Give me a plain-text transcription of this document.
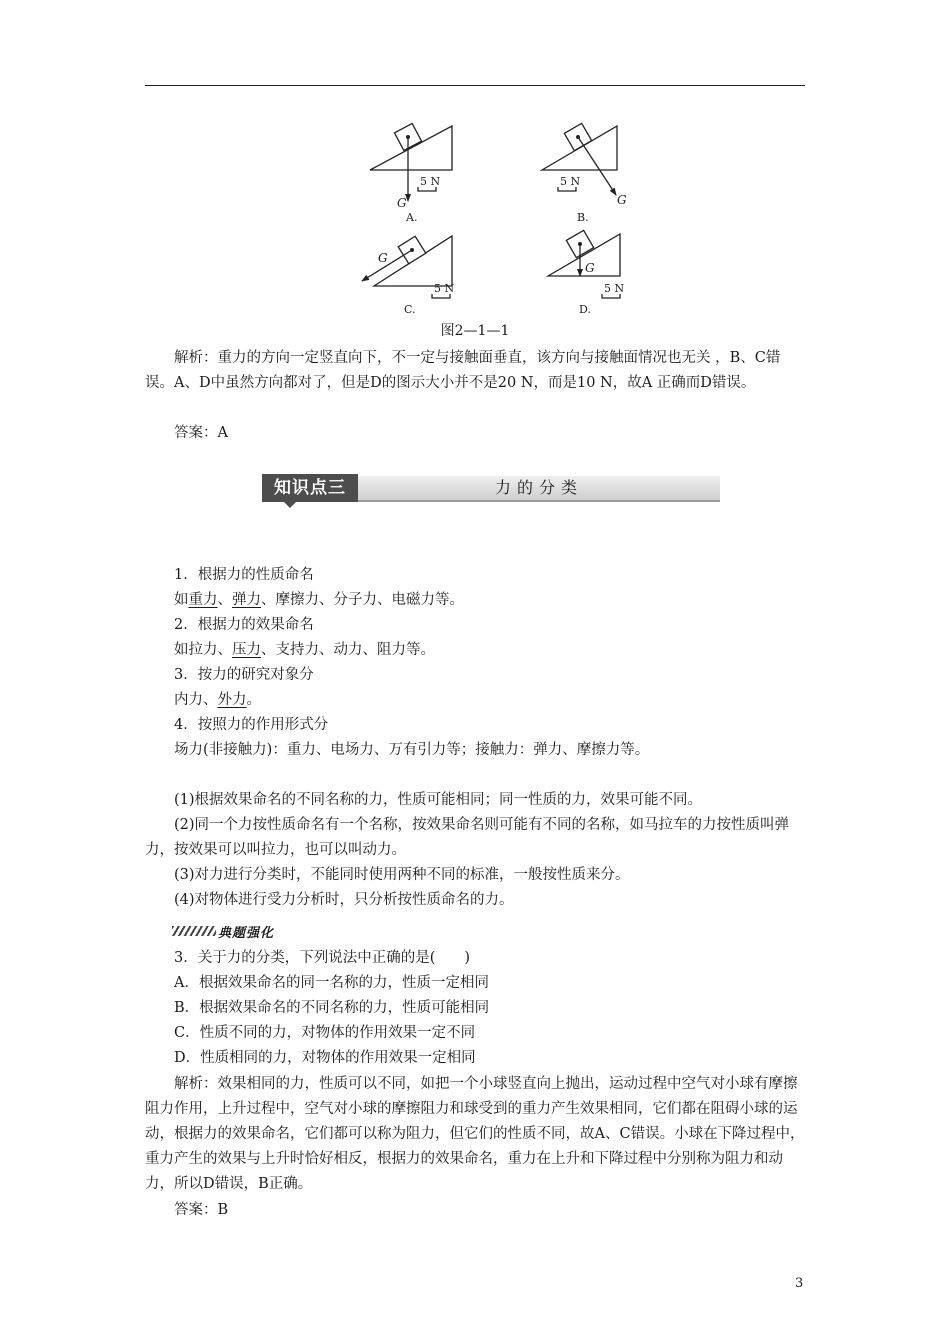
G
5 N
A.
G
5 N
B.
G
5 N
C.
G
5 N
D.
图2—1—1
解析：重力的方向一定竖直向下，不一定与接触面垂直，该方向与接触面情况也无关 ，B、C错误。A、D中虽然方向都对了，但是D的图示大小并不是20 N，而是10 N，故A 正确而D错误。
答案：A
知识点三	力的分类
1．根据力的性质命名
如重力、弹力、摩擦力、分子力、电磁力等。
2．根据力的效果命名
如拉力、压力、支持力、动力、阻力等。
3．按力的研究对象分
内力、外力。
4．按照力的作用形式分
场力(非接触力)：重力、电场力、万有引力等；接触力：弹力、摩擦力等。
(1)根据效果命名的不同名称的力，性质可能相同；同一性质的力，效果可能不同。
(2)同一个力按性质命名有一个名称，按效果命名则可能有不同的名称，如马拉车的力按性质叫弹力，按效果可以叫拉力，也可以叫动力。
(3)对力进行分类时，不能同时使用两种不同的标准，一般按性质来分。
(4)对物体进行受力分析时，只分析按性质命名的力。
典题强化
3．关于力的分类，下列说法中正确的是(　　)
A．根据效果命名的同一名称的力，性质一定相同
B．根据效果命名的不同名称的力，性质可能相同
C．性质不同的力，对物体的作用效果一定不同
D．性质相同的力，对物体的作用效果一定相同
解析：效果相同的力，性质可以不同，如把一个小球竖直向上抛出，运动过程中空气对小球有摩擦阻力作用，上升过程中，空气对小球的摩擦阻力和球受到的重力产生效果相同，它们都在阻碍小球的运动，根据力的效果命名，它们都可以称为阻力，但它们的性质不同，故A、C错误。小球在下降过程中，重力产生的效果与上升时恰好相反，根据力的效果命名，重力在上升和下降过程中分别称为阻力和动力，所以D错误，B正确。
答案：B
3
